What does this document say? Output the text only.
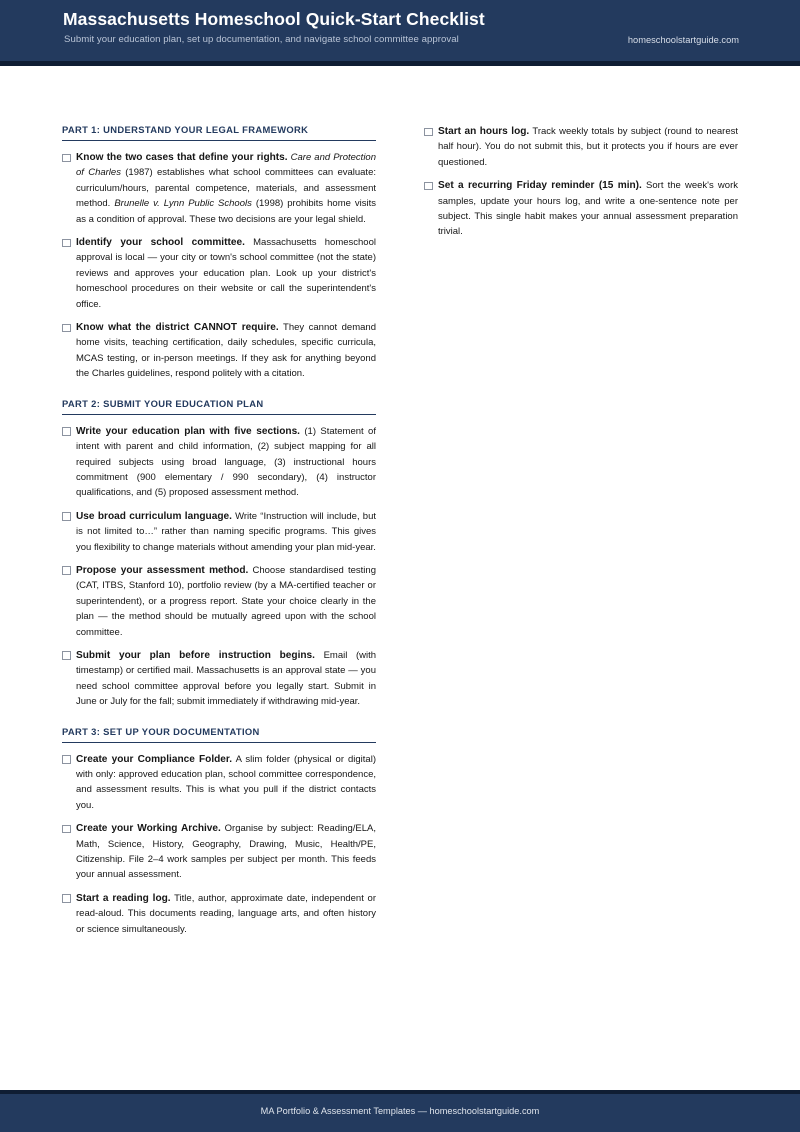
Massachusetts Homeschool Quick-Start Checklist
Submit your education plan, set up documentation, and navigate school committee approval	homeschoolstartguide.com
PART 1: UNDERSTAND YOUR LEGAL FRAMEWORK
Know the two cases that define your rights. Care and Protection of Charles (1987) establishes what school committees can evaluate: curriculum/hours, parental competence, materials, and assessment method. Brunelle v. Lynn Public Schools (1998) prohibits home visits as a condition of approval. These two decisions are your legal shield.
Identify your school committee. Massachusetts homeschool approval is local — your city or town's school committee (not the state) reviews and approves your education plan. Look up your district's homeschool procedures on their website or call the superintendent's office.
Know what the district CANNOT require. They cannot demand home visits, teaching certification, daily schedules, specific curricula, MCAS testing, or in-person meetings. If they ask for anything beyond the Charles guidelines, respond politely with a citation.
PART 2: SUBMIT YOUR EDUCATION PLAN
Write your education plan with five sections. (1) Statement of intent with parent and child information, (2) subject mapping for all required subjects using broad language, (3) instructional hours commitment (900 elementary / 990 secondary), (4) instructor qualifications, and (5) proposed assessment method.
Use broad curriculum language. Write “Instruction will include, but is not limited to…” rather than naming specific programs. This gives you flexibility to change materials without amending your plan mid-year.
Propose your assessment method. Choose standardised testing (CAT, ITBS, Stanford 10), portfolio review (by a MA-certified teacher or superintendent), or a progress report. State your choice clearly in the plan — the method should be mutually agreed upon with the school committee.
Submit your plan before instruction begins. Email (with timestamp) or certified mail. Massachusetts is an approval state — you need school committee approval before you legally start. Submit in June or July for the fall; submit immediately if withdrawing mid-year.
PART 3: SET UP YOUR DOCUMENTATION
Create your Compliance Folder. A slim folder (physical or digital) with only: approved education plan, school committee correspondence, and assessment results. This is what you pull if the district contacts you.
Create your Working Archive. Organise by subject: Reading/ELA, Math, Science, History, Geography, Drawing, Music, Health/PE, Citizenship. File 2–4 work samples per subject per month. This feeds your annual assessment.
Start a reading log. Title, author, approximate date, independent or read-aloud. This documents reading, language arts, and often history or science simultaneously.
Start an hours log. Track weekly totals by subject (round to nearest half hour). You do not submit this, but it protects you if hours are ever questioned.
Set a recurring Friday reminder (15 min). Sort the week's work samples, update your hours log, and write a one-sentence note per subject. This single habit makes your annual assessment preparation trivial.
MA Portfolio & Assessment Templates — homeschoolstartguide.com
